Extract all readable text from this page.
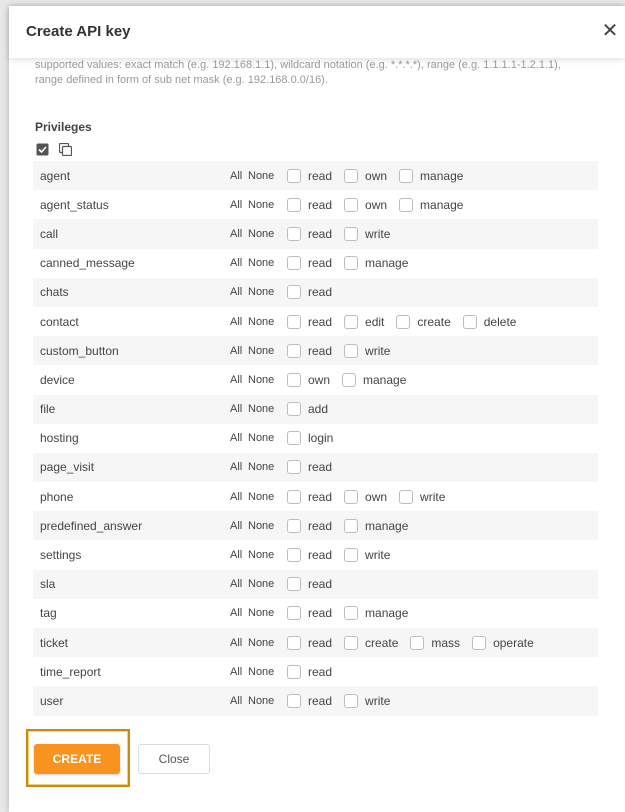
Create API key	✕
supported values: exact match (e.g. 192.168.1.1), wildcard notation (e.g. *.*.*.*), range (e.g. 1.1.1.1-1.2.1.1),
range defined in form of sub net mask (e.g. 192.168.0.0/16).
Privileges

agent	All None	read	own	manage
agent_status	All None	read	own	manage
call	All None	read	write
canned_message	All None	read	manage
chats	All None	read
contact	All None	read	edit	create	delete
custom_button	All None	read	write
device	All None	own	manage
file	All None	add
hosting	All None	login
page_visit	All None	read
phone	All None	read	own	write
predefined_answer	All None	read	manage
settings	All None	read	write
sla	All None	read
tag	All None	read	manage
ticket	All None	read	create	mass	operate
time_report	All None	read
user	All None	read	write
CREATE	Close
